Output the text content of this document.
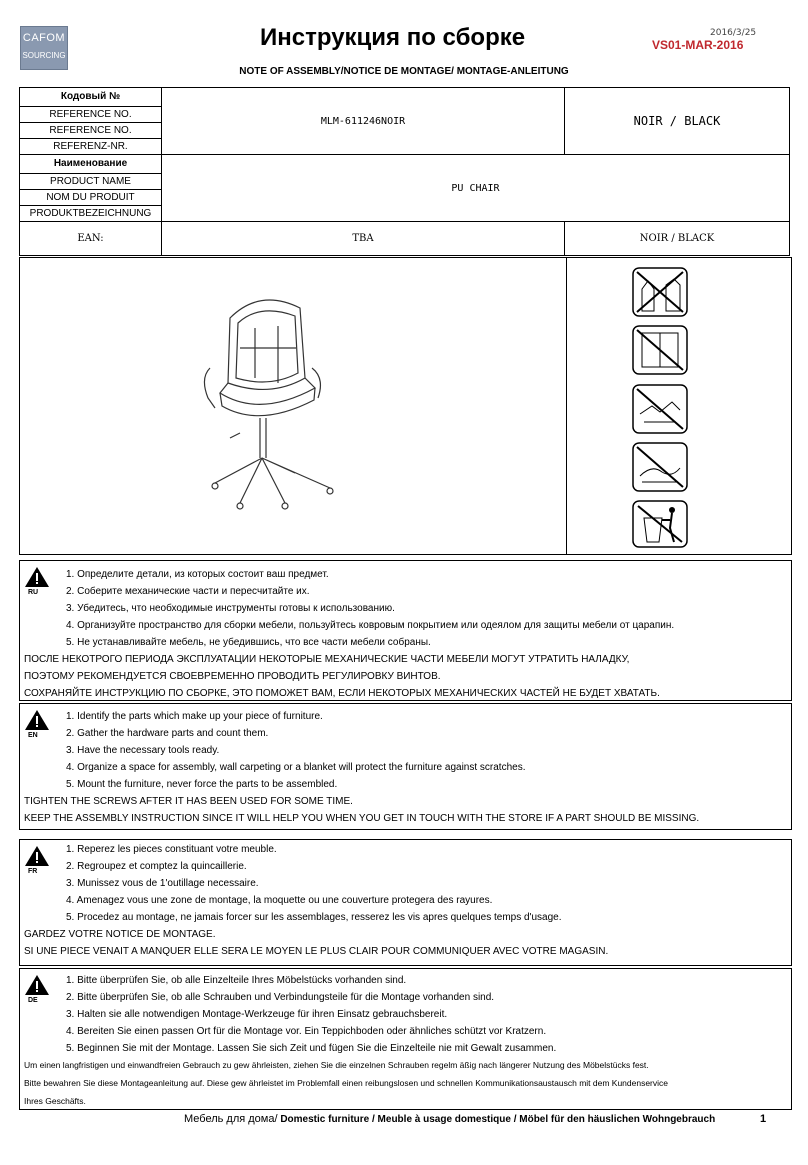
CAFOM
SOURCING
Инструкция по сборке	2016/3/25
VS01-MAR-2016
NOTE OF ASSEMBLY/NOTICE DE MONTAGE/ MONTAGE-ANLEITUNG
Кодовый №
REFERENCE NO.
REFERENCE NO.
REFERENZ-NR.	MLM-611246NOIR	NOIR / BLACK

Наименование
PRODUCT NAME
NOM DU PRODUIT
PRODUKTBEZEICHNUNG	PU CHAIR	
EAN:	TBA	NOIR / BLACK
RU
1. Определите детали, из которых состоит ваш предмет.
2. Соберите механические части и пересчитайте их.
3. Убедитесь, что необходимые инструменты готовы к использованию.
4. Организуйте пространство для сборки мебели, пользуйтесь ковровым покрытием или одеялом для защиты мебели от царапин.
5. Не устанавливайте мебель, не убедившись, что все части мебели собраны.
ПОСЛЕ НЕКОТРОГО ПЕРИОДА ЭКСПЛУАТАЦИИ НЕКОТОРЫЕ МЕХАНИЧЕСКИЕ ЧАСТИ МЕБЕЛИ МОГУТ УТРАТИТЬ НАЛАДКУ,
ПОЭТОМУ РЕКОМЕНДУЕТСЯ СВОЕВРЕМЕННО ПРОВОДИТЬ РЕГУЛИРОВКУ ВИНТОВ.
СОХРАНЯЙТЕ ИНСТРУКЦИЮ ПО СБОРКЕ, ЭТО ПОМОЖЕТ ВАМ, ЕСЛИ НЕКОТОРЫХ МЕХАНИЧЕСКИХ ЧАСТЕЙ НЕ БУДЕТ ХВАТАТЬ.
EN
1. Identify the parts which make up your piece of furniture.
2. Gather the hardware parts and count them.
3. Have the necessary tools ready.
4. Organize a space for assembly, wall carpeting or a blanket will protect the furniture against scratches.
5. Mount the furniture, never force the parts to be assembled.
TIGHTEN THE SCREWS AFTER IT HAS BEEN USED FOR SOME TIME.
KEEP THE ASSEMBLY INSTRUCTION SINCE IT WILL HELP YOU WHEN YOU GET IN TOUCH WITH THE STORE IF A PART SHOULD BE MISSING.
FR
1. Reperez les pieces constituant votre meuble.
2. Regroupez et comptez la quincaillerie.
3. Munissez vous de 1'outillage necessaire.
4. Amenagez vous une zone de montage, la moquette ou une couverture protegera des rayures.
5. Procedez au montage, ne jamais forcer sur les assemblages, resserez les vis apres quelques temps d'usage.
GARDEZ VOTRE NOTICE DE MONTAGE.
SI UNE PIECE VENAIT A MANQUER ELLE SERA LE MOYEN LE PLUS CLAIR POUR COMMUNIQUER AVEC VOTRE MAGASIN.
DE
1. Bitte überprüfen Sie, ob alle Einzelteile Ihres Möbelstücks vorhanden sind.
2. Bitte überprüfen Sie, ob alle Schrauben und Verbindungsteile für die Montage vorhanden sind.
3. Halten sie alle notwendigen Montage-Werkzeuge für ihren Einsatz gebrauchsbereit.
4. Bereiten Sie einen passen Ort für die Montage vor. Ein Teppichboden oder ähnliches schützt vor Kratzern.
5. Beginnen Sie mit der Montage. Lassen Sie sich Zeit und fügen Sie die Einzelteile nie mit Gewalt zusammen.
Um einen langfristigen und einwandfreien Gebrauch zu gew ährleisten, ziehen Sie die einzelnen Schrauben regelm äßig nach längerer Nutzung des Möbelstücks fest.
Bitte bewahren Sie diese Montageanleitung auf. Diese gew ährleistet im Problemfall einen reibungslosen und schnellen Kommunikationsaustausch mit dem Kundenservice
Ihres Geschäfts.
Мебель для дома/ Domestic furniture / Meuble à usage domestique / Möbel für den häuslichen Wohngebrauch	1
